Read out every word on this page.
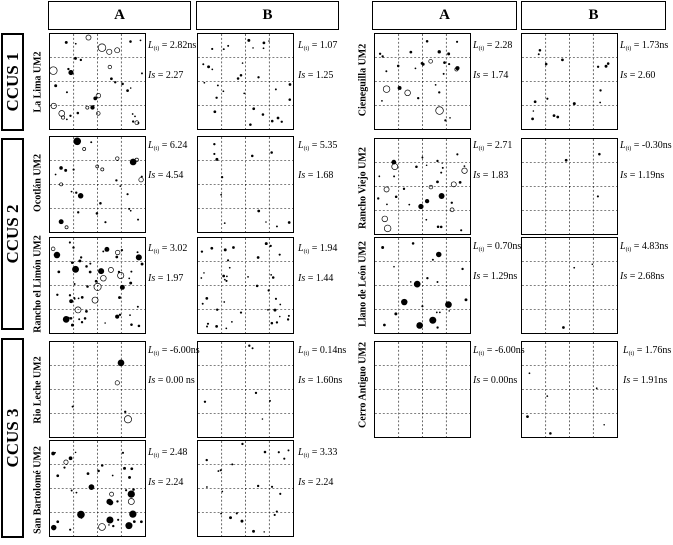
A	B	A	B
CCUS 1
CCUS 2
CCUS 3
La Lima UM2
Ocotlán UM2
Rancho el Limón UM2
Rio Leche UM2
San Bartolomé UM2
Cieneguilla UM2
Rancho Viejo UM2
Llano de León UM2
Cerro Antiguo UM2
$L_{(t)} = 2.82ns$
Is = 2.27
$L_{(t)} = 1.07$
Is = 1.25
$L_{(t)} = 6.24$
Is = 4.54
$L_{(t)} = 5.35$
Is = 1.68
$L_{(t)} = 3.02$
Is = 1.97
$L_{(t)} = 1.94$
Is = 1.44
$L_{(t)} = -6.00ns$
Is = 0.00 ns
$L_{(t)} = 0.14ns$
Is = 1.60ns
$L_{(t)} = 2.48$
Is = 2.24
$L_{(t)} = 3.33$
Is = 2.24
$L_{(t)} = 2.28$
Is = 1.74
$L_{(t)} = 1.73ns$
Is = 2.60
$L_{(t)} = 2.71$
Is = 1.83
$L_{(t)} = -0.30ns$
Is = 1.19ns
$L_{(t)} = 0.70ns$
Is = 1.29ns
$L_{(t)} = 4.83ns$
Is = 2.68ns
$L_{(t)} = -6.00ns$
Is = 0.00ns
$L_{(t)} = 1.76ns$
Is = 1.91ns
